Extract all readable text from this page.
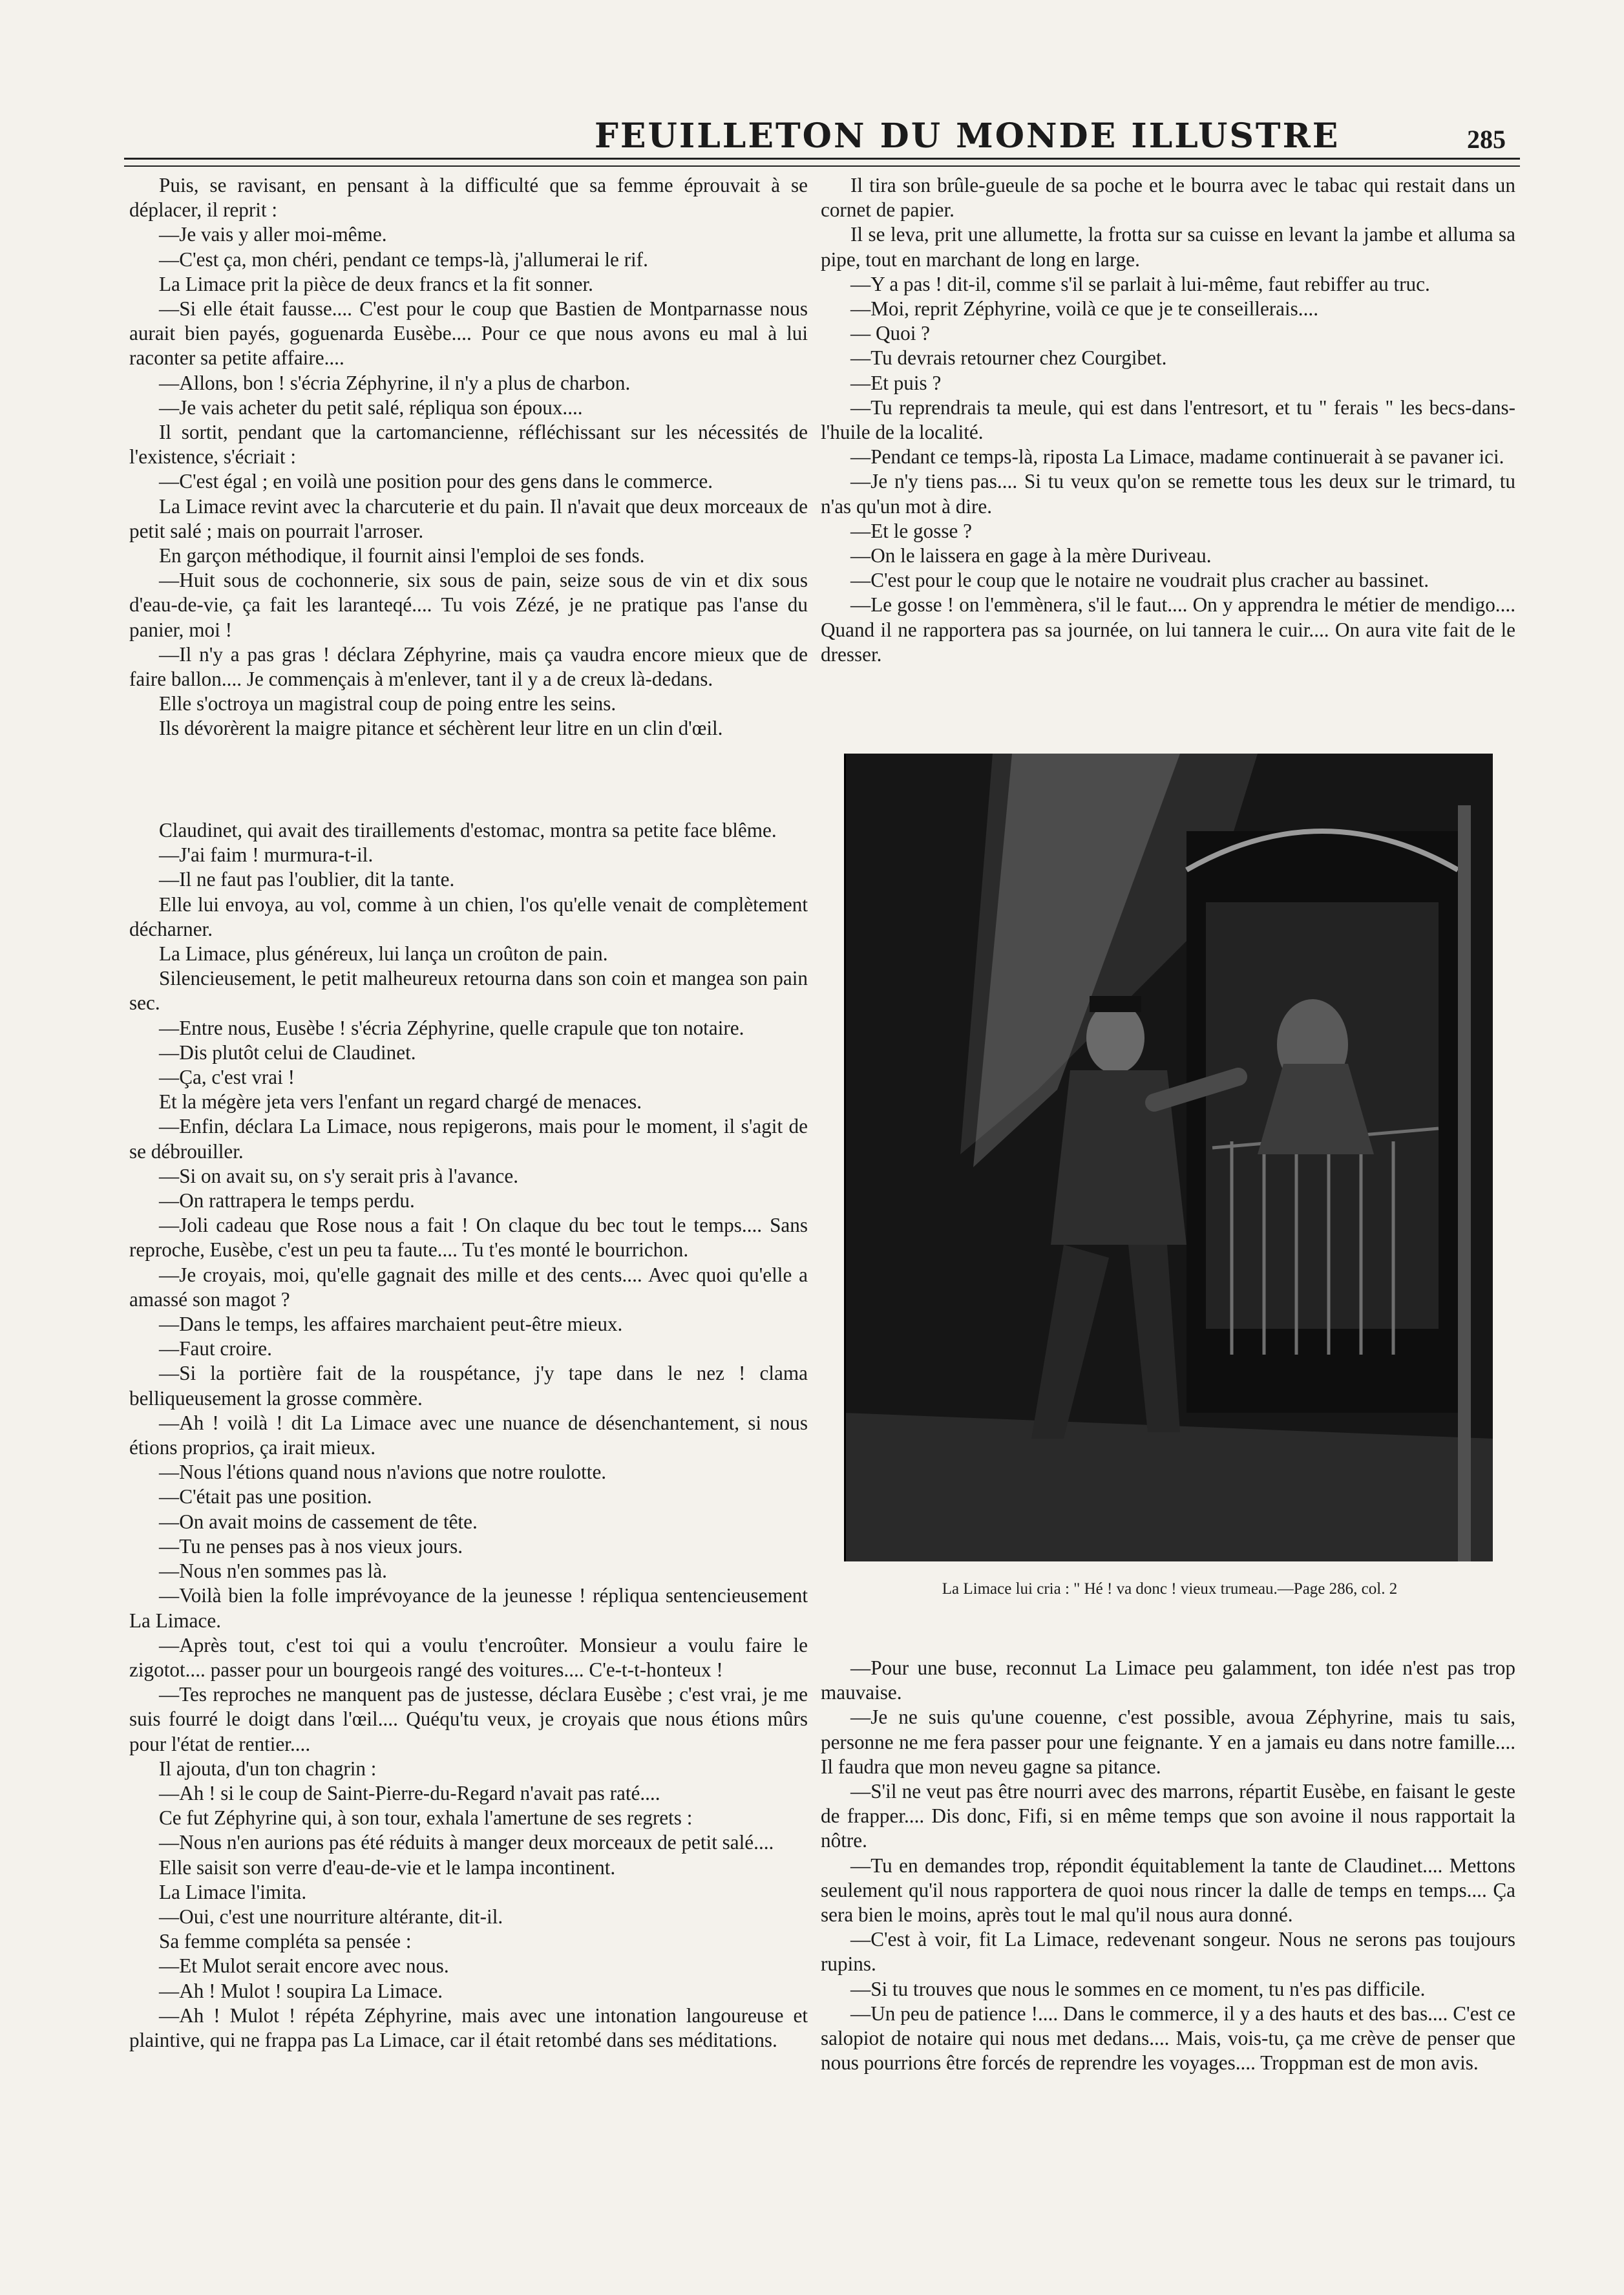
FEUILLETON DU MONDE ILLUSTRE	285

Puis, se ravisant, en pensant à la difficulté que sa femme éprouvait à se déplacer, il reprit :

—Je vais y aller moi-même.

—C'est ça, mon chéri, pendant ce temps-là, j'allumerai le rif.

La Limace prit la pièce de deux francs et la fit sonner.

—Si elle était fausse.... C'est pour le coup que Bastien de Montparnasse nous aurait bien payés, goguenarda Eusèbe.... Pour ce que nous avons eu mal à lui raconter sa petite affaire....

—Allons, bon ! s'écria Zéphyrine, il n'y a plus de charbon.

—Je vais acheter du petit salé, répliqua son époux....

Il sortit, pendant que la cartomancienne, réfléchissant sur les nécessités de l'existence, s'écriait :

—C'est égal ; en voilà une position pour des gens dans le commerce.

La Limace revint avec la charcuterie et du pain. Il n'avait que deux morceaux de petit salé ; mais on pourrait l'arroser.

En garçon méthodique, il fournit ainsi l'emploi de ses fonds.

—Huit sous de cochonnerie, six sous de pain, seize sous de vin et dix sous d'eau-de-vie, ça fait les laranteqé.... Tu vois Zézé, je ne pratique pas l'anse du panier, moi !

—Il n'y a pas gras ! déclara Zéphyrine, mais ça vaudra encore mieux que de faire ballon.... Je commençais à m'enlever, tant il y a de creux là-dedans.

Elle s'octroya un magistral coup de poing entre les seins.

Ils dévorèrent la maigre pitance et séchèrent leur litre en un clin d'œil.

Claudinet, qui avait des tiraillements d'estomac, montra sa petite face blême.

—J'ai faim ! murmura-t-il.

—Il ne faut pas l'oublier, dit la tante.

Elle lui envoya, au vol, comme à un chien, l'os qu'elle venait de complètement décharner.

La Limace, plus généreux, lui lança un croûton de pain.

Silencieusement, le petit malheureux retourna dans son coin et mangea son pain sec.

—Entre nous, Eusèbe ! s'écria Zéphyrine, quelle crapule que ton notaire.

—Dis plutôt celui de Claudinet.

—Ça, c'est vrai !

Et la mégère jeta vers l'enfant un regard chargé de menaces.

—Enfin, déclara La Limace, nous repigerons, mais pour le moment, il s'agit de se débrouiller.

—Si on avait su, on s'y serait pris à l'avance.

—On rattrapera le temps perdu.

—Joli cadeau que Rose nous a fait ! On claque du bec tout le temps.... Sans reproche, Eusèbe, c'est un peu ta faute.... Tu t'es monté le bourrichon.

—Je croyais, moi, qu'elle gagnait des mille et des cents.... Avec quoi qu'elle a amassé son magot ?

—Dans le temps, les affaires marchaient peut-être mieux.

—Faut croire.

—Si la portière fait de la rouspétance, j'y tape dans le nez ! clama belliqueusement la grosse commère.

—Ah ! voilà ! dit La Limace avec une nuance de désenchantement, si nous étions proprios, ça irait mieux.

—Nous l'étions quand nous n'avions que notre roulotte.

—C'était pas une position.

—On avait moins de cassement de tête.

—Tu ne penses pas à nos vieux jours.

—Nous n'en sommes pas là.

—Voilà bien la folle imprévoyance de la jeunesse ! répliqua sentencieusement La Limace.

—Après tout, c'est toi qui a voulu t'encroûter. Monsieur a voulu faire le zigotot.... passer pour un bourgeois rangé des voitures.... C'e-t-t-honteux !

—Tes reproches ne manquent pas de justesse, déclara Eusèbe ; c'est vrai, je me suis fourré le doigt dans l'œil.... Quéqu'tu veux, je croyais que nous étions mûrs pour l'état de rentier....

Il ajouta, d'un ton chagrin :

—Ah ! si le coup de Saint-Pierre-du-Regard n'avait pas raté....

Ce fut Zéphyrine qui, à son tour, exhala l'amertune de ses regrets :

—Nous n'en aurions pas été réduits à manger deux morceaux de petit salé....

Elle saisit son verre d'eau-de-vie et le lampa incontinent.

La Limace l'imita.

—Oui, c'est une nourriture altérante, dit-il.

Sa femme compléta sa pensée :

—Et Mulot serait encore avec nous.

—Ah ! Mulot ! soupira La Limace.

—Ah ! Mulot ! répéta Zéphyrine, mais avec une intonation langoureuse et plaintive, qui ne frappa pas La Limace, car il était retombé dans ses méditations.

Il tira son brûle-gueule de sa poche et le bourra avec le tabac qui restait dans un cornet de papier.

Il se leva, prit une allumette, la frotta sur sa cuisse en levant la jambe et alluma sa pipe, tout en marchant de long en large.

—Y a pas ! dit-il, comme s'il se parlait à lui-même, faut rebiffer au truc.

—Moi, reprit Zéphyrine, voilà ce que je te conseillerais....

— Quoi ?

—Tu devrais retourner chez Courgibet.

—Et puis ?

—Tu reprendrais ta meule, qui est dans l'entresort, et tu " ferais " les becs-dans-l'huile de la localité.

—Pendant ce temps-là, riposta La Limace, madame continuerait à se pavaner ici.

—Je n'y tiens pas.... Si tu veux qu'on se remette tous les deux sur le trimard, tu n'as qu'un mot à dire.

—Et le gosse ?

—On le laissera en gage à la mère Duriveau.

—C'est pour le coup que le notaire ne voudrait plus cracher au bassinet.

—Le gosse ! on l'emmènera, s'il le faut.... On y apprendra le métier de mendigo.... Quand il ne rapportera pas sa journée, on lui tannera le cuir.... On aura vite fait de le dresser.

La Limace lui cria : " Hé ! va donc ! vieux trumeau.—Page 286, col. 2

—Pour une buse, reconnut La Limace peu galamment, ton idée n'est pas trop mauvaise.

—Je ne suis qu'une couenne, c'est possible, avoua Zéphyrine, mais tu sais, personne ne me fera passer pour une feignante. Y en a jamais eu dans notre famille.... Il faudra que mon neveu gagne sa pitance.

—S'il ne veut pas être nourri avec des marrons, répartit Eusèbe, en faisant le geste de frapper.... Dis donc, Fifi, si en même temps que son avoine il nous rapportait la nôtre.

—Tu en demandes trop, répondit équitablement la tante de Claudinet.... Mettons seulement qu'il nous rapportera de quoi nous rincer la dalle de temps en temps.... Ça sera bien le moins, après tout le mal qu'il nous aura donné.

—C'est à voir, fit La Limace, redevenant songeur. Nous ne serons pas toujours rupins.

—Si tu trouves que nous le sommes en ce moment, tu n'es pas difficile.

—Un peu de patience !.... Dans le commerce, il y a des hauts et des bas.... C'est ce salopiot de notaire qui nous met dedans.... Mais, vois-tu, ça me crève de penser que nous pourrions être forcés de reprendre les voyages.... Troppman est de mon avis.
